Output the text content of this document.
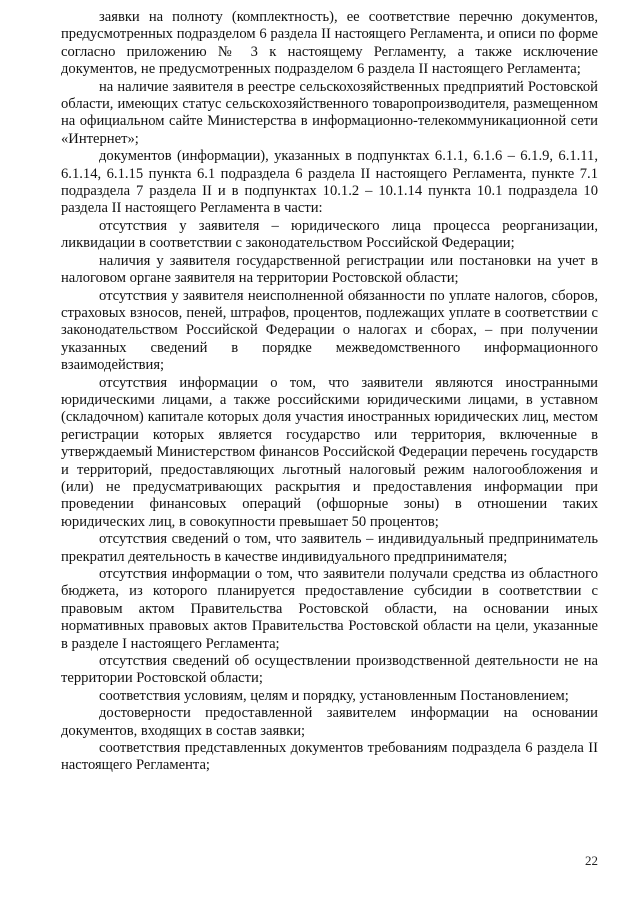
заявки на полноту (комплектность), ее соответствие перечню документов, предусмотренных подразделом 6 раздела II настоящего Регламента, и описи по форме согласно приложению № 3 к настоящему Регламенту, а также исключение документов, не предусмотренных подразделом 6 раздела II настоящего Регламента;

на наличие заявителя в реестре сельскохозяйственных предприятий Ростовской области, имеющих статус сельскохозяйственного товаропроизводителя, размещенном на официальном сайте Министерства в информационно-телекоммуникационной сети «Интернет»;

документов (информации), указанных в подпунктах 6.1.1, 6.1.6 – 6.1.9, 6.1.11, 6.1.14, 6.1.15 пункта 6.1 подраздела 6 раздела II настоящего Регламента, пункте 7.1 подраздела 7 раздела II и в подпунктах 10.1.2 – 10.1.14 пункта 10.1 подраздела 10 раздела II настоящего Регламента в части:

отсутствия у заявителя – юридического лица процесса реорганизации, ликвидации в соответствии с законодательством Российской Федерации;

наличия у заявителя государственной регистрации или постановки на учет в налоговом органе заявителя на территории Ростовской области;

отсутствия у заявителя неисполненной обязанности по уплате налогов, сборов, страховых взносов, пеней, штрафов, процентов, подлежащих уплате в соответствии с законодательством Российской Федерации о налогах и сборах, – при получении указанных сведений в порядке межведомственного информационного взаимодействия;

отсутствия информации о том, что заявители являются иностранными юридическими лицами, а также российскими юридическими лицами, в уставном (складочном) капитале которых доля участия иностранных юридических лиц, местом регистрации которых является государство или территория, включенные в утверждаемый Министерством финансов Российской Федерации перечень государств и территорий, предоставляющих льготный налоговый режим налогообложения и (или) не предусматривающих раскрытия и предоставления информации при проведении финансовых операций (офшорные зоны) в отношении таких юридических лиц, в совокупности превышает 50 процентов;

отсутствия сведений о том, что заявитель – индивидуальный предприниматель прекратил деятельность в качестве индивидуального предпринимателя;

отсутствия информации о том, что заявители получали средства из областного бюджета, из которого планируется предоставление субсидии в соответствии с правовым актом Правительства Ростовской области, на основании иных нормативных правовых актов Правительства Ростовской области на цели, указанные в разделе I настоящего Регламента;

отсутствия сведений об осуществлении производственной деятельности не на территории Ростовской области;

соответствия условиям, целям и порядку, установленным Постановлением;

достоверности предоставленной заявителем информации на основании документов, входящих в состав заявки;

соответствия представленных документов требованиям подраздела 6 раздела II настоящего Регламента;

22
